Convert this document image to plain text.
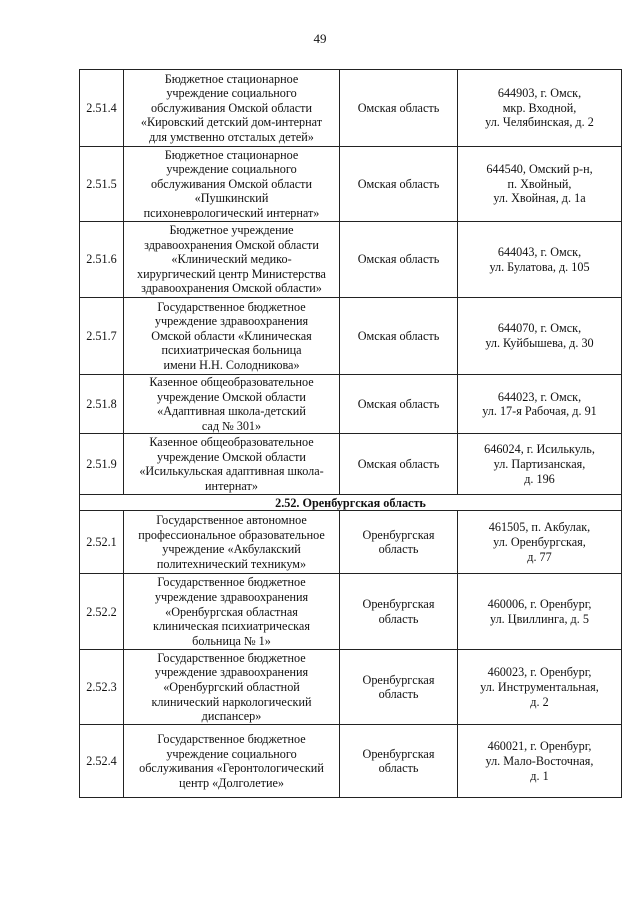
49
2.51.4	Бюджетное стационарное
учреждение социального
обслуживания Омской области
«Кировский детский дом-интернат
для умственно отсталых детей»	Омская область	644903, г. Омск,
мкр. Входной,
ул. Челябинская, д. 2

2.51.5	Бюджетное стационарное
учреждение социального
обслуживания Омской области
«Пушкинский
психоневрологический интернат»	Омская область	644540, Омский р-н,
п. Хвойный,
ул. Хвойная, д. 1а

2.51.6	Бюджетное учреждение
здравоохранения Омской области
«Клинический медико-
хирургический центр Министерства
здравоохранения Омской области»	Омская область	644043, г. Омск,
ул. Булатова, д. 105

2.51.7	Государственное бюджетное
учреждение здравоохранения
Омской области «Клиническая
психиатрическая больница
имени Н.Н. Солодникова»	Омская область	644070, г. Омск,
ул. Куйбышева, д. 30

2.51.8	Казенное общеобразовательное
учреждение Омской области
«Адаптивная школа-детский
сад № 301»	Омская область	644023, г. Омск,
ул. 17-я Рабочая, д. 91

2.51.9	Казенное общеобразовательное
учреждение Омской области
«Исилькульская адаптивная школа-
интернат»	Омская область	646024, г. Исилькуль,
ул. Партизанская,
д. 196

2.52. Оренбургская область			
2.52.1	Государственное автономное
профессиональное образовательное
учреждение «Акбулакский
политехнический техникум»	Оренбургская
область	461505, п. Акбулак,
ул. Оренбургская,
д. 77

2.52.2	Государственное бюджетное
учреждение здравоохранения
«Оренбургская областная
клиническая психиатрическая
больница № 1»	Оренбургская
область	460006, г. Оренбург,
ул. Цвиллинга, д. 5

2.52.3	Государственное бюджетное
учреждение здравоохранения
«Оренбургский областной
клинический наркологический
диспансер»	Оренбургская
область	460023, г. Оренбург,
ул. Инструментальная,
д. 2

2.52.4	Государственное бюджетное
учреждение социального
обслуживания «Геронтологический
центр «Долголетие»	Оренбургская
область	460021, г. Оренбург,
ул. Мало-Восточная,
д. 1
